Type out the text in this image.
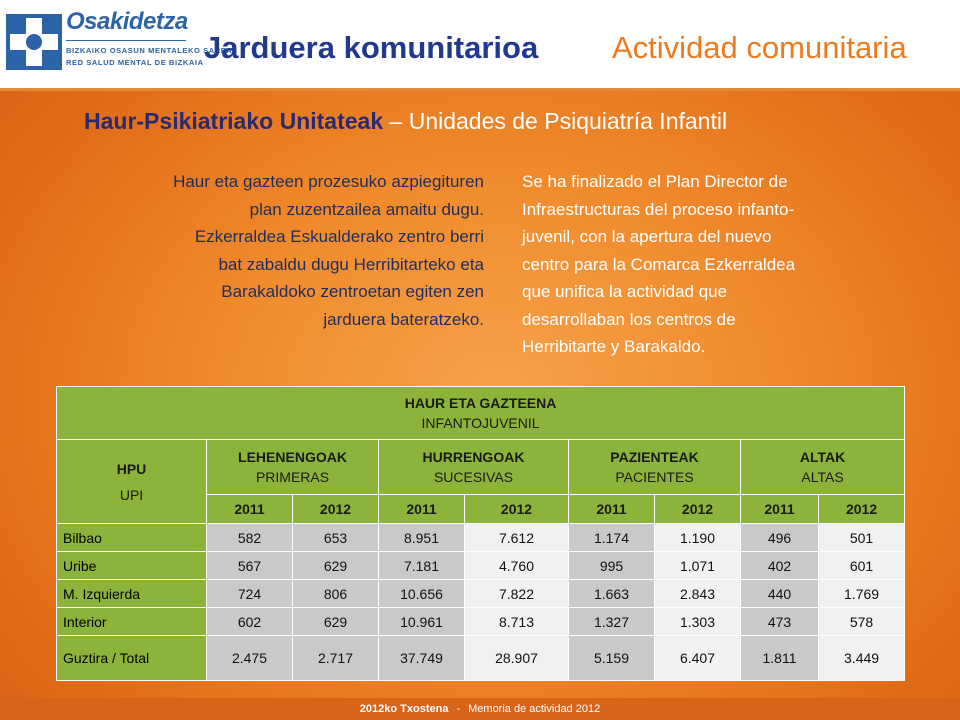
Osakidetza
BIZKAIKO OSASUN MENTALEKO SAREA
RED SALUD MENTAL DE BIZKAIA Jarduera komunitarioa Actividad comunitaria
Haur-Psikiatriako Unitateak – Unidades de Psiquiatría Infantil
Haur eta gazteen prozesuko azpiegituren
plan zuzentzailea amaitu dugu.
Ezkerraldea Eskualderako zentro berri
bat zabaldu dugu Herribitarteko eta
Barakaldoko zentroetan egiten zen
jarduera bateratzeko.
Se ha finalizado el Plan Director de
Infraestructuras del proceso infanto-
juvenil, con la apertura del nuevo
centro para la Comarca Ezkerraldea
que unifica la actividad que
desarrollaban los centros de
Herribitarte y Barakaldo.
HAUR ETA GAZTEENA
INFANTOJUVENIL								

HPU
UPI	LEHENENGOAK
PRIMERAS		HURRENGOAK
SUCESIVAS		PAZIENTEAK
PACIENTES		ALTAK
ALTAS	

	2011	2012	2011	2012	2011	2012	2011	2012
Bilbao	582	653	8.951	7.612	1.174	1.190	496	501
Uribe	567	629	7.181	4.760	995	1.071	402	601
M. Izquierda	724	806	10.656	7.822	1.663	2.843	440	1.769
Interior	602	629	10.961	8.713	1.327	1.303	473	578
Guztira / Total	2.475	2.717	37.749	28.907	5.159	6.407	1.811	3.449
2012ko Txostena - Memoria de actividad 2012
